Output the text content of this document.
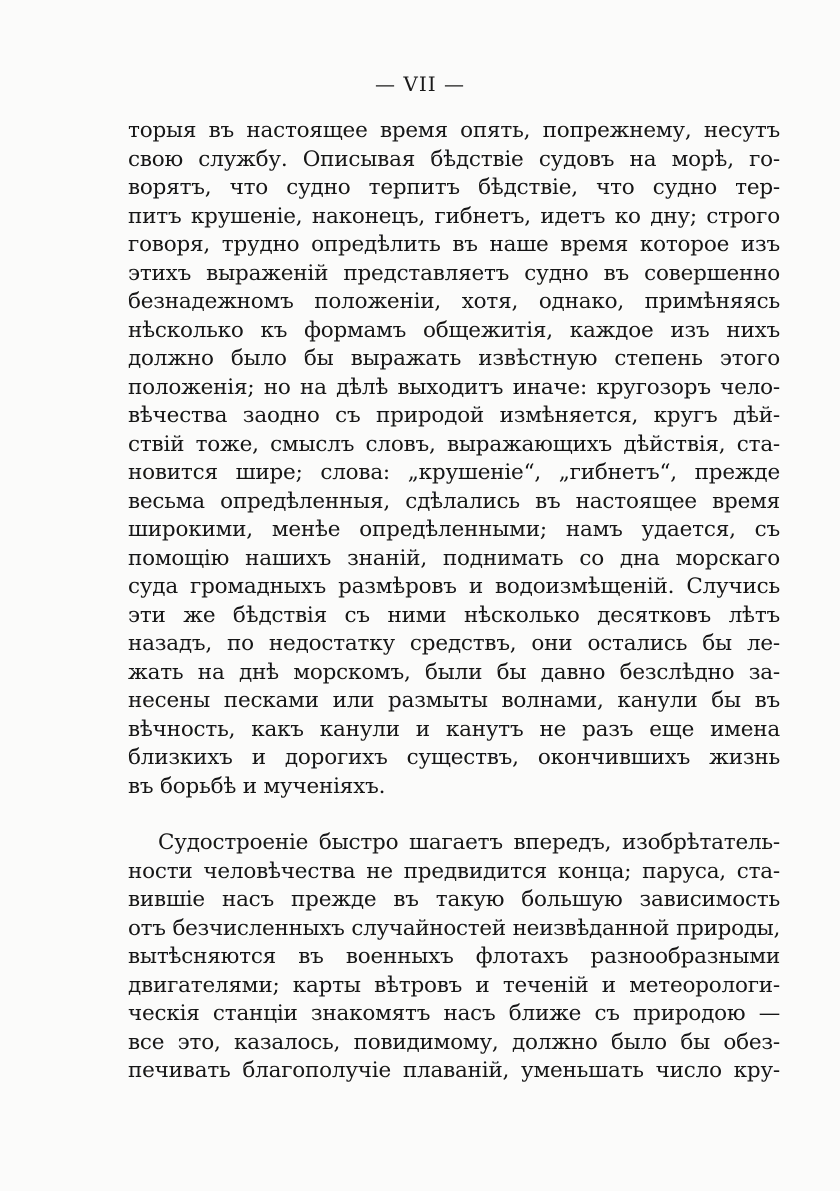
— VII —
торыя въ настоящее время опять, попрежнему, несутъ
свою службу. Описывая бѣдствіе судовъ на морѣ, го-
ворятъ, что судно терпитъ бѣдствіе, что судно тер-
питъ крушеніе, наконецъ, гибнетъ, идетъ ко дну; строго
говоря, трудно опредѣлить въ наше время которое изъ
этихъ выраженій представляетъ судно въ совершенно
безнадежномъ положеніи, хотя, однако, примѣняясь
нѣсколько къ формамъ общежитія, каждое изъ нихъ
должно было бы выражать извѣстную степень этого
положенія; но на дѣлѣ выходитъ иначе: кругозоръ чело-
вѣчества заодно съ природой измѣняется, кругъ дѣй-
ствій тоже, смыслъ словъ, выражающихъ дѣйствія, ста-
новится шире; слова: „крушеніе“, „гибнетъ“, прежде
весьма опредѣленныя, сдѣлались въ настоящее время
широкими, менѣе опредѣленными; намъ удается, съ
помощію нашихъ знаній, поднимать со дна морскаго
суда громадныхъ размѣровъ и водоизмѣщеній. Случись
эти же бѣдствія съ ними нѣсколько десятковъ лѣтъ
назадъ, по недостатку средствъ, они остались бы ле-
жать на днѣ морскомъ, были бы давно безслѣдно за-
несены песками или размыты волнами, канули бы въ
вѣчность, какъ канули и канутъ не разъ еще имена
близкихъ и дорогихъ существъ, окончившихъ жизнь
въ борьбѣ и мученіяхъ.
Судостроеніе быстро шагаетъ впередъ, изобрѣтатель-
ности человѣчества не предвидится конца; паруса, ста-
вившіе насъ прежде въ такую большую зависимость
отъ безчисленныхъ случайностей неизвѣданной природы,
вытѣсняются въ военныхъ флотахъ разнообразными
двигателями; карты вѣтровъ и теченій и метеорологи-
ческія станціи знакомятъ насъ ближе съ природою —
все это, казалось, повидимому, должно было бы обез-
печивать благополучіе плаваній, уменьшать число кру-
